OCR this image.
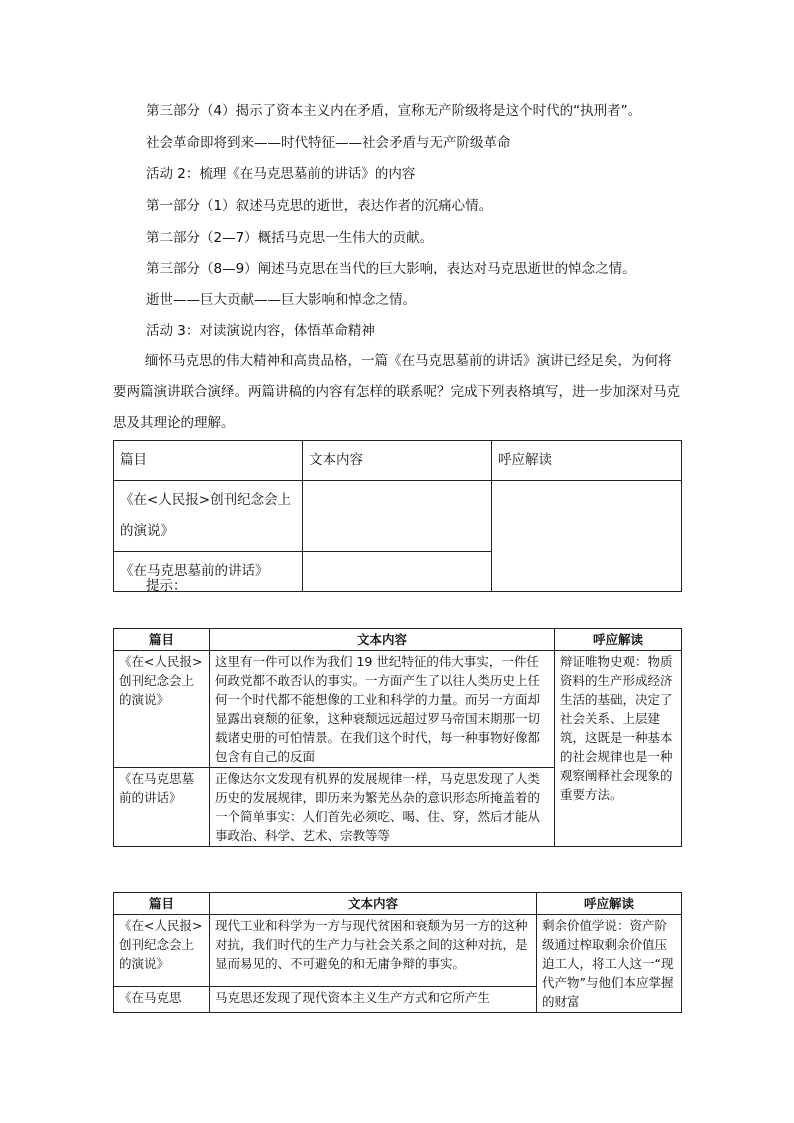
第三部分（4）揭示了资本主义内在矛盾，宣称无产阶级将是这个时代的“执刑者”。
社会革命即将到来——时代特征——社会矛盾与无产阶级革命
活动 2：梳理《在马克思墓前的讲话》的内容
第一部分（1）叙述马克思的逝世，表达作者的沉痛心情。
第二部分（2—7）概括马克思一生伟大的贡献。
第三部分（8—9）阐述马克思在当代的巨大影响，表达对马克思逝世的悼念之情。
逝世——巨大贡献——巨大影响和悼念之情。
活动 3：对读演说内容，体悟革命精神
缅怀马克思的伟大精神和高贵品格，一篇《在马克思墓前的讲话》演讲已经足矣，为何将要两篇演讲联合演绎。两篇讲稿的内容有怎样的联系呢？完成下列表格填写，进一步加深对马克思及其理论的理解。
篇目	文本内容	呼应解读
《在<人民报>创刊纪念会上的演说》		
《在马克思墓前的讲话》		
提示：
篇目	文本内容	呼应解读
《在<人民报>创刊纪念会上的演说》	这里有一件可以作为我们 19 世纪特征的伟大事实，一件任何政党都不敢否认的事实。一方面产生了以往人类历史上任何一个时代都不能想像的工业和科学的力量。而另一方面却显露出衰颓的征象，这种衰颓远远超过罗马帝国末期那一切载诸史册的可怕情景。在我们这个时代，每一种事物好像都包含有自己的反面	辩证唯物史观：物质资料的生产形成经济生活的基础，决定了社会关系、上层建筑，这既是一种基本的社会规律也是一种观察阐释社会现象的重要方法。
《在马克思墓前的讲话》	正像达尔文发现有机界的发展规律一样，马克思发现了人类历史的发展规律，即历来为繁芜丛杂的意识形态所掩盖着的一个简单事实：人们首先必须吃、喝、住、穿，然后才能从事政治、科学、艺术、宗教等等	
篇目	文本内容	呼应解读
《在<人民报>创刊纪念会上的演说》	现代工业和科学为一方与现代贫困和衰颓为另一方的这种对抗，我们时代的生产力与社会关系之间的这种对抗，是显而易见的、不可避免的和无庸争辩的事实。	剩余价值学说：资产阶级通过榨取剩余价值压迫工人，将工人这一“现代产物”与他们本应掌握的财富
《在马克思	马克思还发现了现代资本主义生产方式和它所产生	
